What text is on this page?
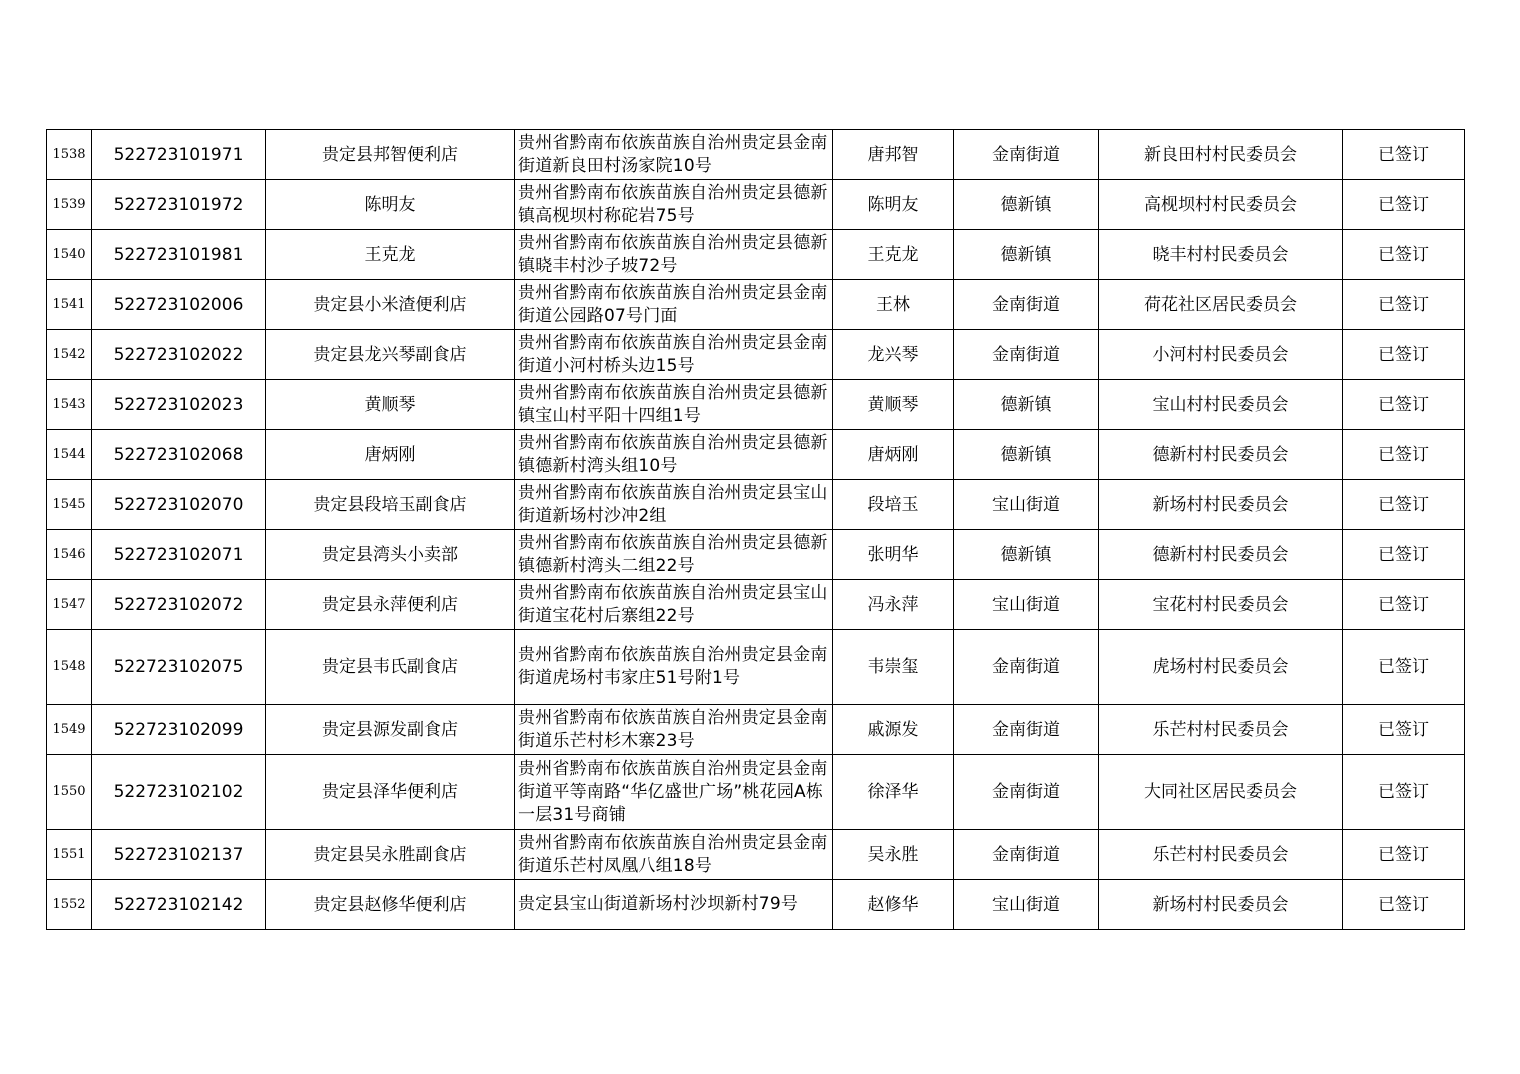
1538	522723101971	贵定县邦智便利店	贵州省黔南布依族苗族自治州贵定县金南街道新良田村汤家院10号	唐邦智	金南街道	新良田村村民委员会	已签订
1539	522723101972	陈明友	贵州省黔南布依族苗族自治州贵定县德新镇高枧坝村称砣岩75号	陈明友	德新镇	高枧坝村村民委员会	已签订
1540	522723101981	王克龙	贵州省黔南布依族苗族自治州贵定县德新镇晓丰村沙子坡72号	王克龙	德新镇	晓丰村村民委员会	已签订
1541	522723102006	贵定县小米渣便利店	贵州省黔南布依族苗族自治州贵定县金南街道公园路07号门面	王林	金南街道	荷花社区居民委员会	已签订
1542	522723102022	贵定县龙兴琴副食店	贵州省黔南布依族苗族自治州贵定县金南街道小河村桥头边15号	龙兴琴	金南街道	小河村村民委员会	已签订
1543	522723102023	黄顺琴	贵州省黔南布依族苗族自治州贵定县德新镇宝山村平阳十四组1号	黄顺琴	德新镇	宝山村村民委员会	已签订
1544	522723102068	唐炳刚	贵州省黔南布依族苗族自治州贵定县德新镇德新村湾头组10号	唐炳刚	德新镇	德新村村民委员会	已签订
1545	522723102070	贵定县段培玉副食店	贵州省黔南布依族苗族自治州贵定县宝山街道新场村沙冲2组	段培玉	宝山街道	新场村村民委员会	已签订
1546	522723102071	贵定县湾头小卖部	贵州省黔南布依族苗族自治州贵定县德新镇德新村湾头二组22号	张明华	德新镇	德新村村民委员会	已签订
1547	522723102072	贵定县永萍便利店	贵州省黔南布依族苗族自治州贵定县宝山街道宝花村后寨组22号	冯永萍	宝山街道	宝花村村民委员会	已签订
1548	522723102075	贵定县韦氏副食店	贵州省黔南布依族苗族自治州贵定县金南街道虎场村韦家庄51号附1号	韦崇玺	金南街道	虎场村村民委员会	已签订
1549	522723102099	贵定县源发副食店	贵州省黔南布依族苗族自治州贵定县金南街道乐芒村杉木寨23号	戚源发	金南街道	乐芒村村民委员会	已签订
1550	522723102102	贵定县泽华便利店	贵州省黔南布依族苗族自治州贵定县金南街道平等南路“华亿盛世广场”桃花园A栋一层31号商铺	徐泽华	金南街道	大同社区居民委员会	已签订
1551	522723102137	贵定县吴永胜副食店	贵州省黔南布依族苗族自治州贵定县金南街道乐芒村凤凰八组18号	吴永胜	金南街道	乐芒村村民委员会	已签订
1552	522723102142	贵定县赵修华便利店	贵定县宝山街道新场村沙坝新村79号	赵修华	宝山街道	新场村村民委员会	已签订
